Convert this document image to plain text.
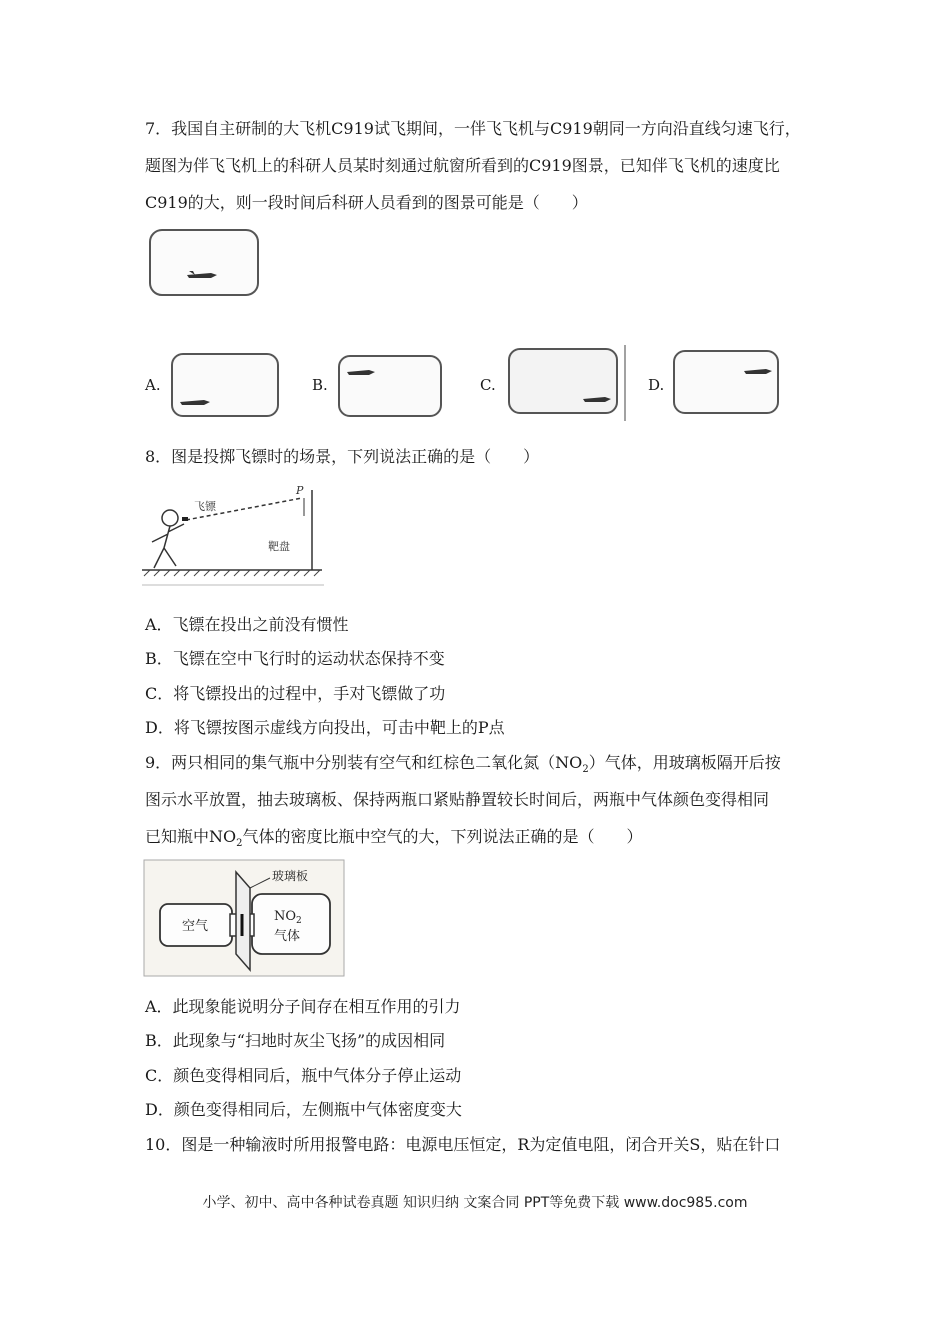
7．我国自主研制的大飞机C919试飞期间，一伴飞飞机与C919朝同一方向沿直线匀速飞行，
题图为伴飞飞机上的科研人员某时刻通过航窗所看到的C919图景，已知伴飞飞机的速度比
C919的大，则一段时间后科研人员看到的图景可能是（　　）
A.	B.	C.	D.
8．图是投掷飞镖时的场景，下列说法正确的是（　　）
飞镖
P
靶盘
A．飞镖在投出之前没有惯性
B．飞镖在空中飞行时的运动状态保持不变
C．将飞镖投出的过程中，手对飞镖做了功
D．将飞镖按图示虚线方向投出，可击中靶上的P点
9．两只相同的集气瓶中分别装有空气和红棕色二氧化氮$(NO_2)$气体，用玻璃板隔开后按
图示水平放置，抽去玻璃板、保持两瓶口紧贴静置较长时间后，两瓶中气体颜色变得相同
已知瓶中$NO_2$气体的密度比瓶中空气的大，下列说法正确的是（　　）
玻璃板
空气
$NO_2$
气体
A．此现象能说明分子间存在相互作用的引力
B．此现象与“扫地时灰尘飞扬”的成因相同
C．颜色变得相同后，瓶中气体分子停止运动
D．颜色变得相同后，左侧瓶中气体密度变大
10．图是一种输液时所用报警电路：电源电压恒定，R为定值电阻，闭合开关S，贴在针口
小学、初中、高中各种试卷真题 知识归纳 文案合同 PPT等免费下载 www.doc985.com
